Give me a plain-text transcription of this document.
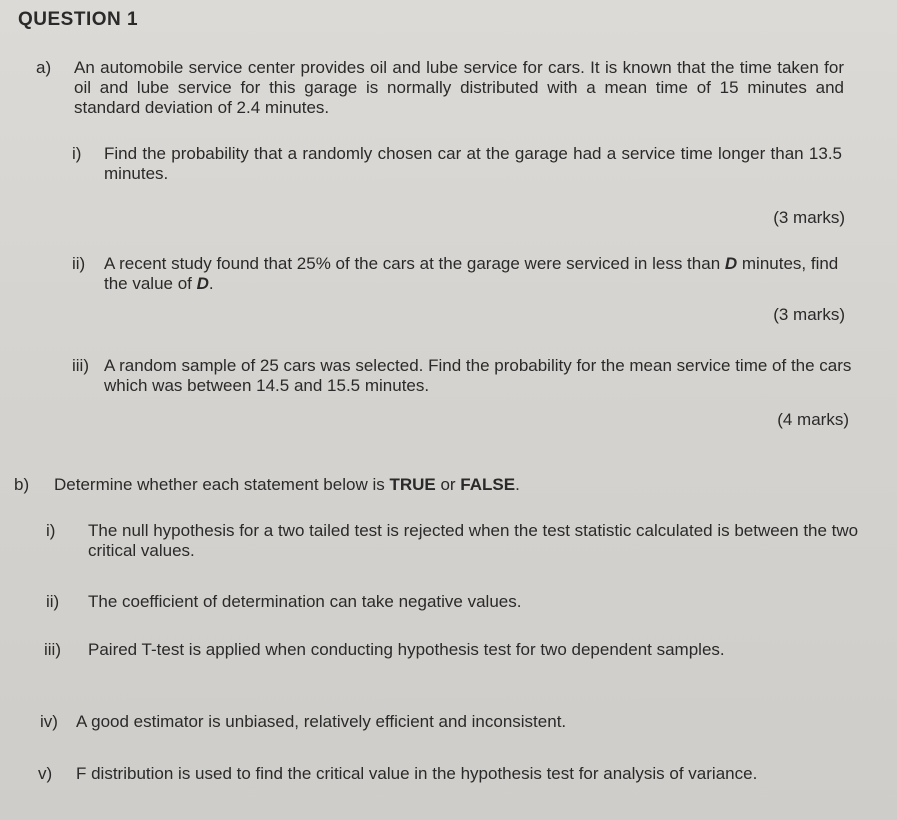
QUESTION 1
a) An automobile service center provides oil and lube service for cars. It is known that the time taken for oil and lube service for this garage is normally distributed with a mean time of 15 minutes and standard deviation of 2.4 minutes.
i) Find the probability that a randomly chosen car at the garage had a service time longer than 13.5 minutes.
(3 marks)
ii) A recent study found that 25% of the cars at the garage were serviced in less than D minutes, find the value of D.
(3 marks)
iii) A random sample of 25 cars was selected. Find the probability for the mean service time of the cars which was between 14.5 and 15.5 minutes.
(4 marks)
b) Determine whether each statement below is TRUE or FALSE.
i) The null hypothesis for a two tailed test is rejected when the test statistic calculated is between the two critical values.
ii) The coefficient of determination can take negative values.
iii) Paired T-test is applied when conducting hypothesis test for two dependent samples.
iv) A good estimator is unbiased, relatively efficient and inconsistent.
v) F distribution is used to find the critical value in the hypothesis test for analysis of variance.
